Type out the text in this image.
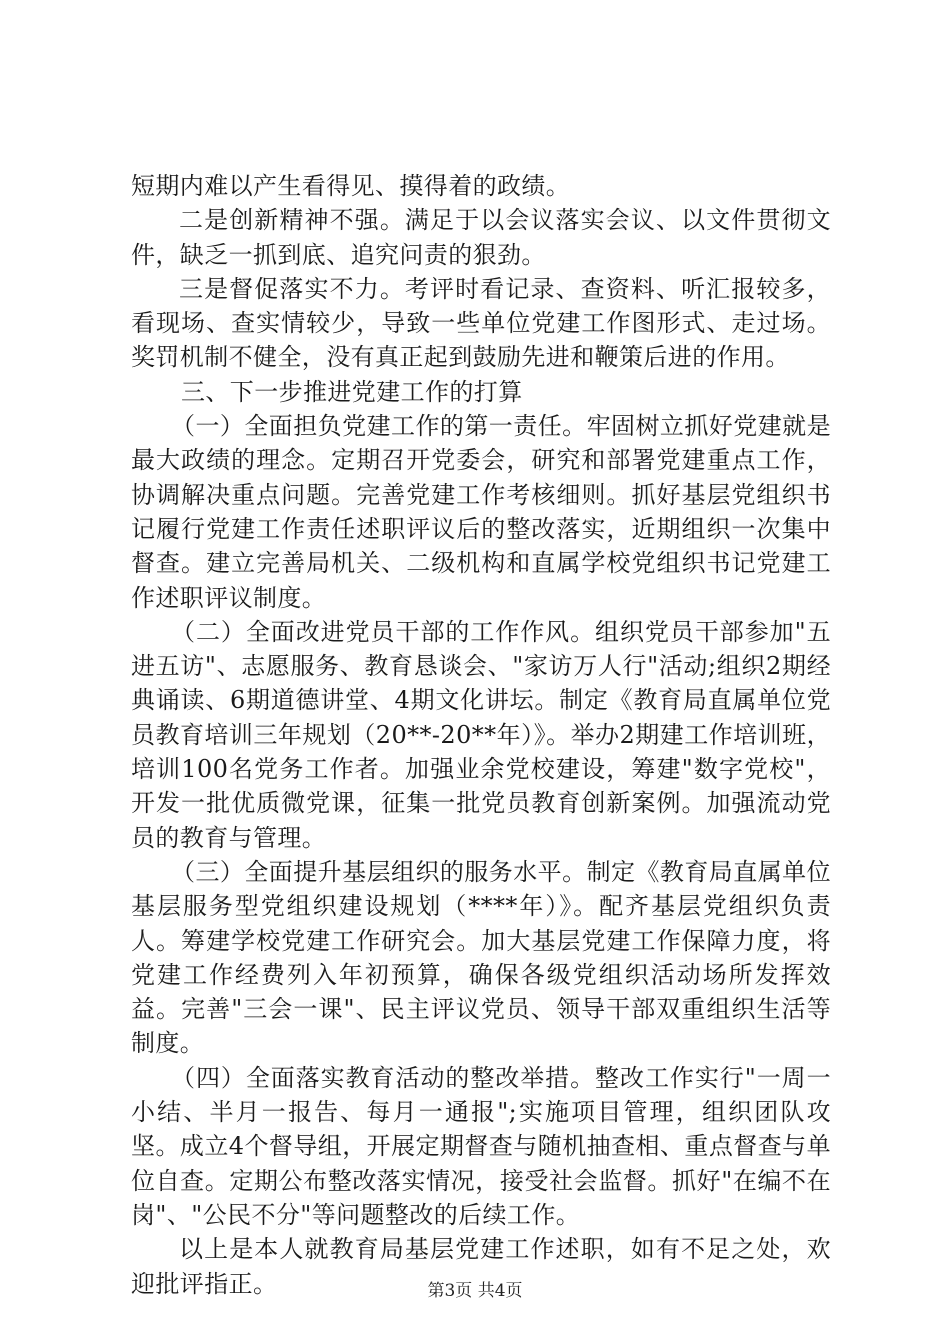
短期内难以产生看得见、摸得着的政绩。

二是创新精神不强。满足于以会议落实会议、以文件贯彻文件，缺乏一抓到底、追究问责的狠劲。

三是督促落实不力。考评时看记录、查资料、听汇报较多，看现场、查实情较少，导致一些单位党建工作图形式、走过场。奖罚机制不健全，没有真正起到鼓励先进和鞭策后进的作用。

三、下一步推进党建工作的打算

（一）全面担负党建工作的第一责任。牢固树立抓好党建就是最大政绩的理念。定期召开党委会，研究和部署党建重点工作，协调解决重点问题。完善党建工作考核细则。抓好基层党组织书记履行党建工作责任述职评议后的整改落实，近期组织一次集中督查。建立完善局机关、二级机构和直属学校党组织书记党建工作述职评议制度。

（二）全面改进党员干部的工作作风。组织党员干部参加"五进五访"、志愿服务、教育恳谈会、"家访万人行"活动;组织2期经典诵读、6期道德讲堂、4期文化讲坛。制定《教育局直属单位党员教育培训三年规划（20**-20**年）》。举办2期建工作培训班，培训100名党务工作者。加强业余党校建设，筹建"数字党校"，开发一批优质微党课，征集一批党员教育创新案例。加强流动党员的教育与管理。

（三）全面提升基层组织的服务水平。制定《教育局直属单位基层服务型党组织建设规划（****年）》。配齐基层党组织负责人。筹建学校党建工作研究会。加大基层党建工作保障力度，将党建工作经费列入年初预算，确保各级党组织活动场所发挥效益。完善"三会一课"、民主评议党员、领导干部双重组织生活等制度。

（四）全面落实教育活动的整改举措。整改工作实行"一周一小结、半月一报告、每月一通报";实施项目管理，组织团队攻坚。成立4个督导组，开展定期督查与随机抽查相、重点督查与单位自查。定期公布整改落实情况，接受社会监督。抓好"在编不在岗"、"公民不分"等问题整改的后续工作。

以上是本人就教育局基层党建工作述职，如有不足之处，欢迎批评指正。	第3页 共4页
